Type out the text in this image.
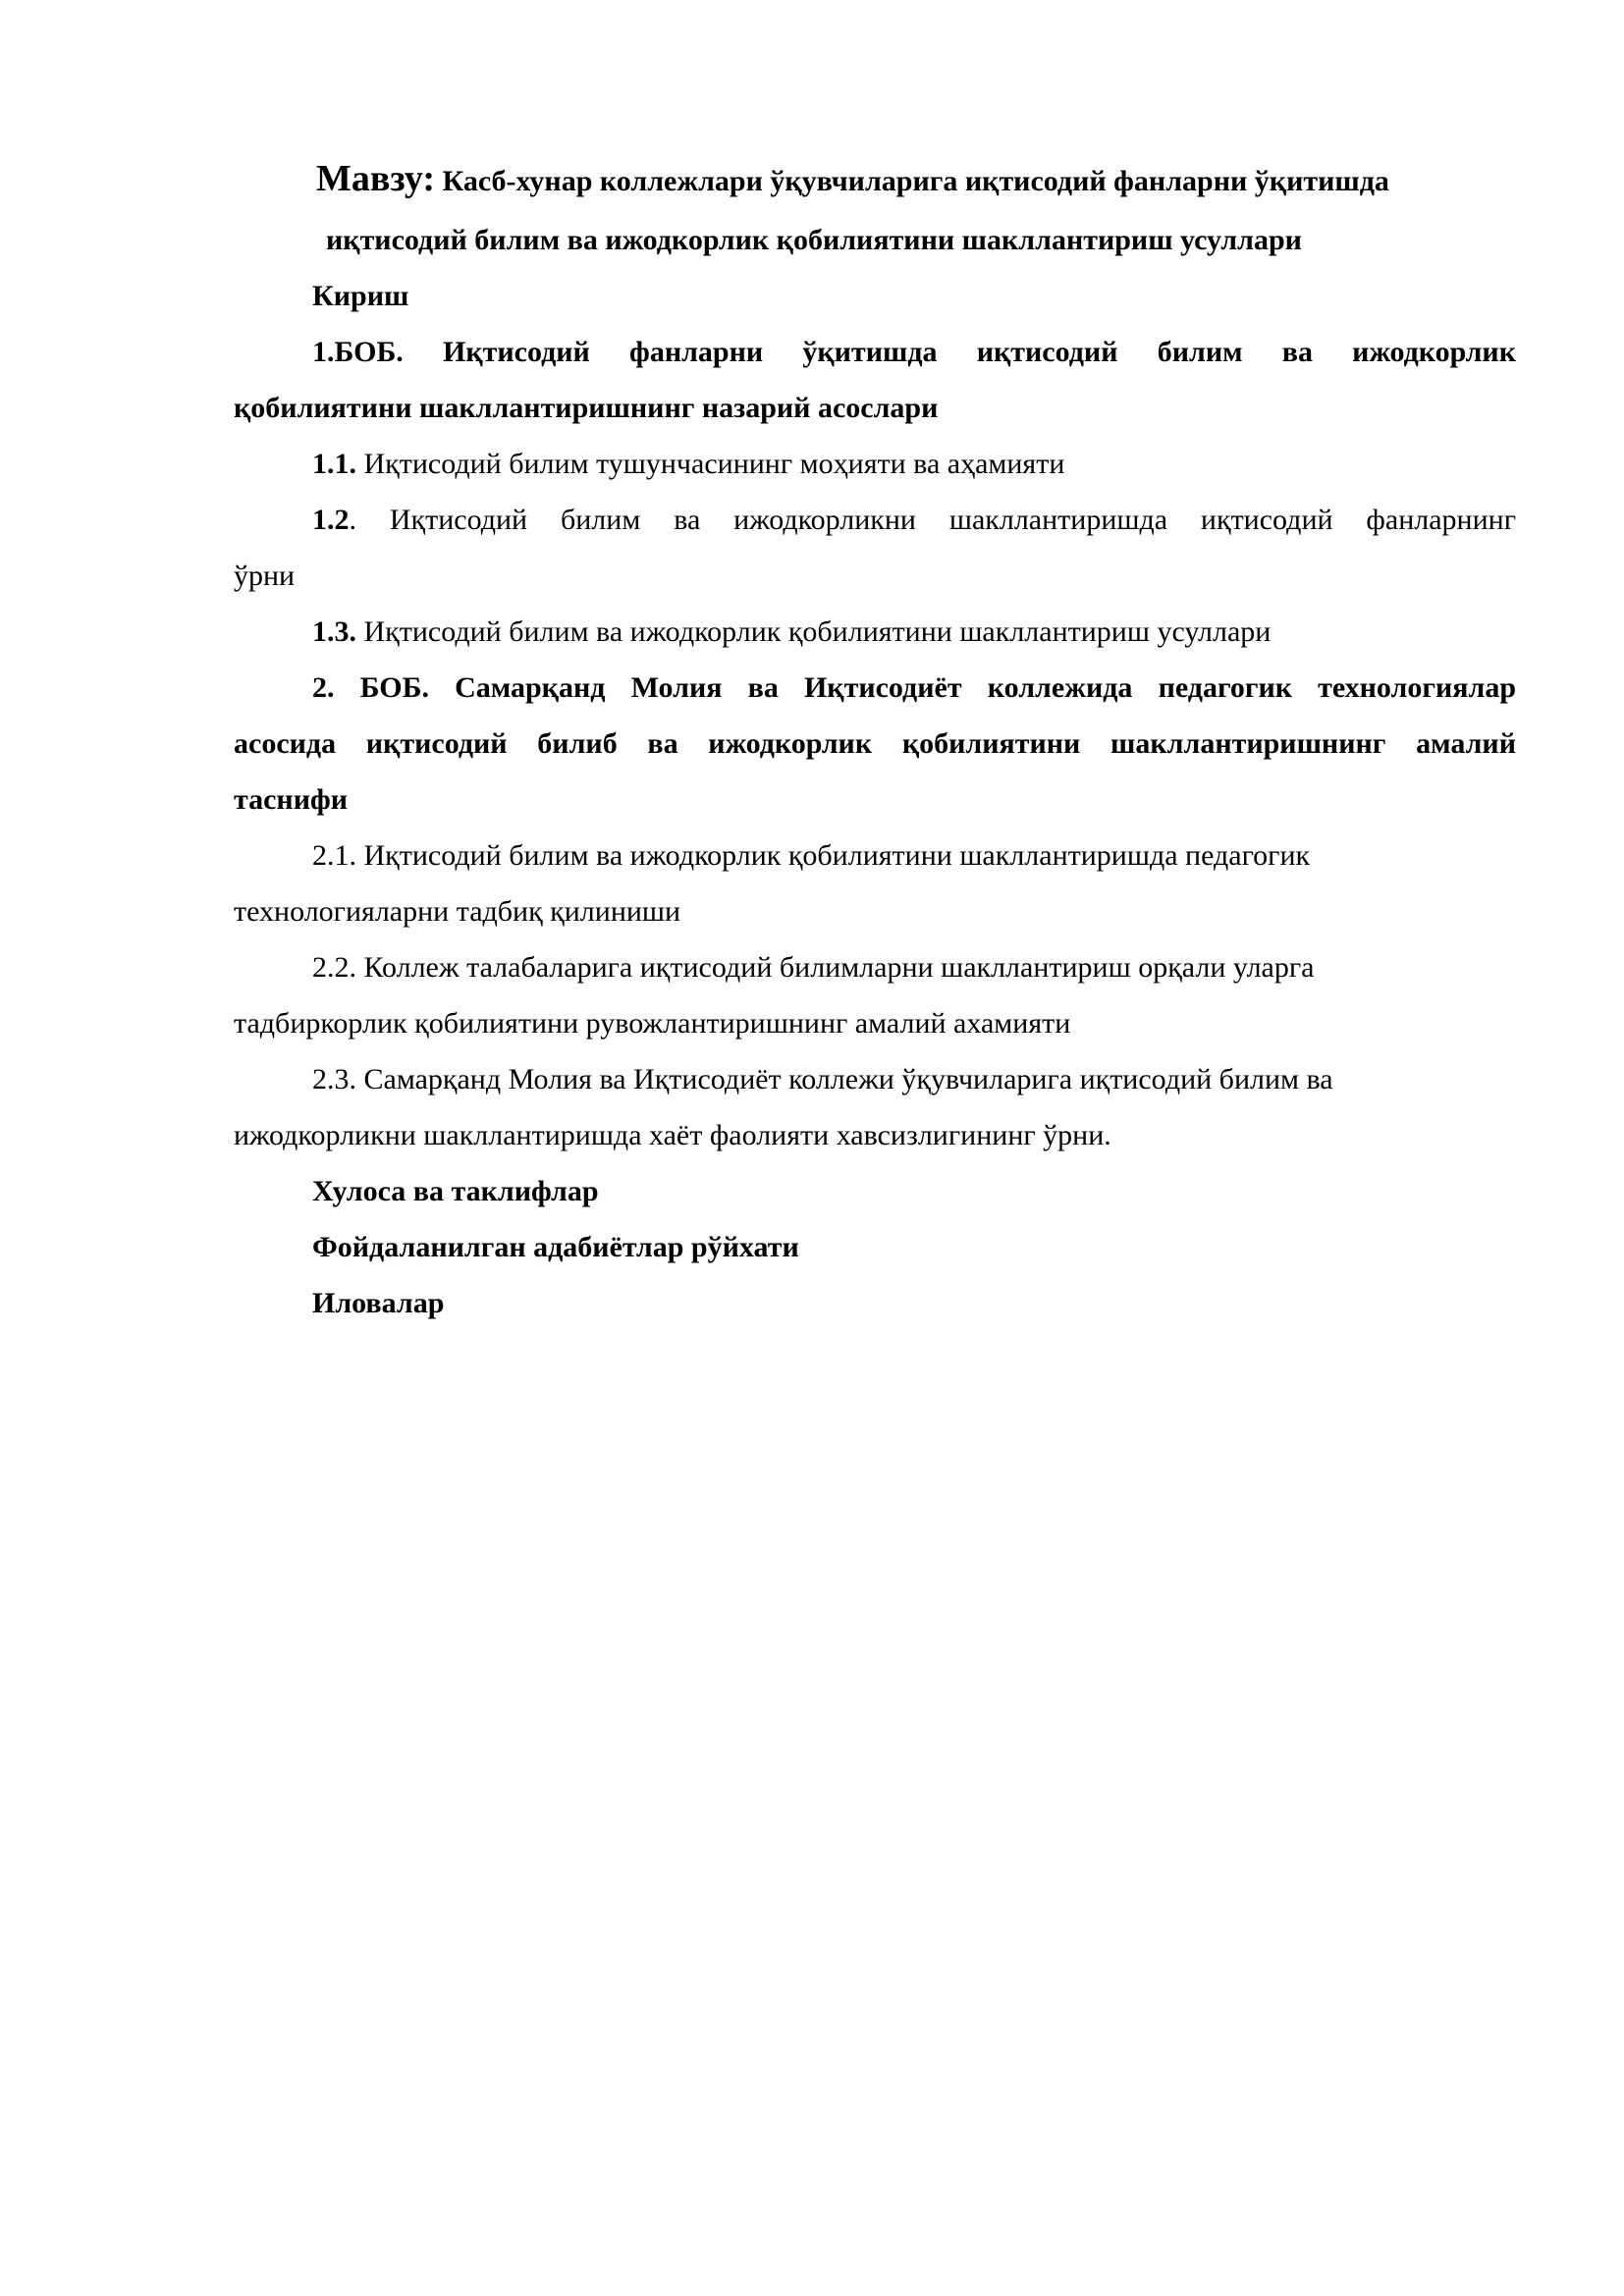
Мавзу: Касб-хунар коллежлари ўқувчиларига иқтисодий фанларни ўқитишда
иқтисодий билим ва ижодкорлик қобилиятини шакллантириш усуллари
Кириш
1.БОБ. Иқтисодий фанларни ўқитишда иқтисодий билим ва ижодкорлик
қобилиятини шакллантиришнинг назарий асослари
1.1. Иқтисодий билим тушунчасининг моҳияти ва аҳамияти
1.2. Иқтисодий билим ва ижодкорликни шакллантиришда иқтисодий фанларнинг
ўрни
1.3. Иқтисодий билим ва ижодкорлик қобилиятини шакллантириш усуллари
2. БОБ. Самарқанд Молия ва Иқтисодиёт коллежида педагогик технологиялар
асосида иқтисодий билиб ва ижодкорлик қобилиятини шакллантиришнинг амалий
таснифи
2.1. Иқтисодий билим ва ижодкорлик қобилиятини шакллантиришда педагогик
технологияларни тадбиқ қилиниши
2.2. Коллеж талабаларига иқтисодий билимларни шакллантириш орқали уларга
тадбиркорлик қобилиятини рувожлантиришнинг амалий ахамияти
2.3. Самарқанд Молия ва Иқтисодиёт коллежи ўқувчиларига иқтисодий билим ва
ижодкорликни шакллантиришда хаёт фаолияти хавсизлигининг ўрни.
Хулоса ва таклифлар
Фойдаланилган адабиётлар рўйхати
Иловалар
